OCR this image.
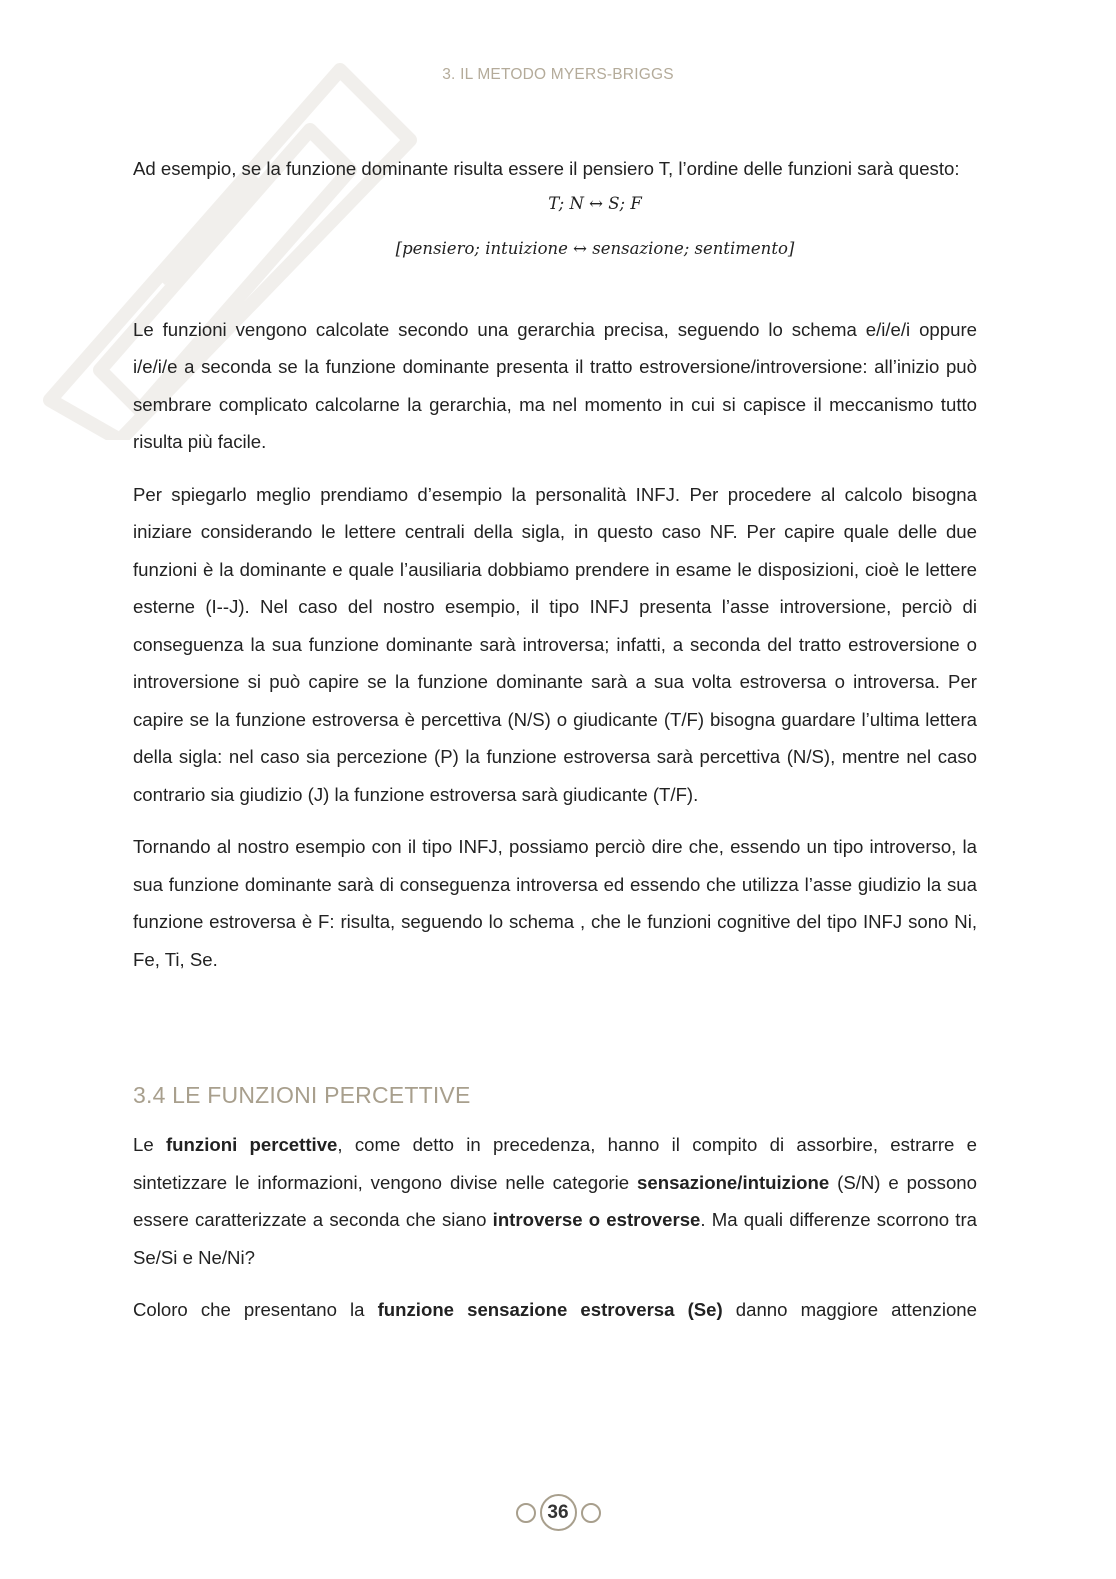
3. IL METODO MYERS-BRIGGS

Ad esempio, se la funzione dominante risulta essere il pensiero T, l’ordine delle funzioni sarà questo:

T; N ↔ S; F
[pensiero; intuizione ↔ sensazione; sentimento]

Le funzioni vengono calcolate secondo una gerarchia precisa, seguendo lo schema e/i/e/i oppure i/e/i/e a seconda se la funzione dominante presenta il tratto estroversione/introversione: all’inizio può sembrare complicato calcolarne la gerarchia, ma nel momento in cui si capisce il meccanismo tutto risulta più facile.

Per spiegarlo meglio prendiamo d’esempio la personalità INFJ. Per procedere al calcolo bisogna iniziare considerando le lettere centrali della sigla, in questo caso NF. Per capire quale delle due funzioni è la dominante e quale l’ausiliaria dobbiamo prendere in esame le disposizioni, cioè le lettere esterne (I--J). Nel caso del nostro esempio, il tipo INFJ presenta l’asse introversione, perciò di conseguenza la sua funzione dominante sarà introversa; infatti, a seconda del tratto estroversione o introversione si può capire se la funzione dominante sarà a sua volta estroversa o introversa. Per capire se la funzione estroversa è percettiva (N/S) o giudicante (T/F) bisogna guardare l’ultima lettera della sigla: nel caso sia percezione (P) la funzione estroversa sarà percettiva (N/S), mentre nel caso contrario sia giudizio (J) la funzione estroversa sarà giudicante (T/F).

Tornando al nostro esempio con il tipo INFJ, possiamo perciò dire che, essendo un tipo introverso, la sua funzione dominante sarà di conseguenza introversa ed essendo che utilizza l’asse giudizio la sua funzione estroversa è F: risulta, seguendo lo schema , che le funzioni cognitive del tipo INFJ sono Ni, Fe, Ti, Se.

3.4 LE FUNZIONI PERCETTIVE

Le funzioni percettive, come detto in precedenza, hanno il compito di assorbire, estrarre e sintetizzare le informazioni, vengono divise nelle categorie sensazione/intuizione (S/N) e possono essere caratterizzate a seconda che siano introverse o estroverse. Ma quali differenze scorrono tra Se/Si e Ne/Ni?

Coloro che presentano la funzione sensazione estroversa (Se) danno maggiore attenzione

36
